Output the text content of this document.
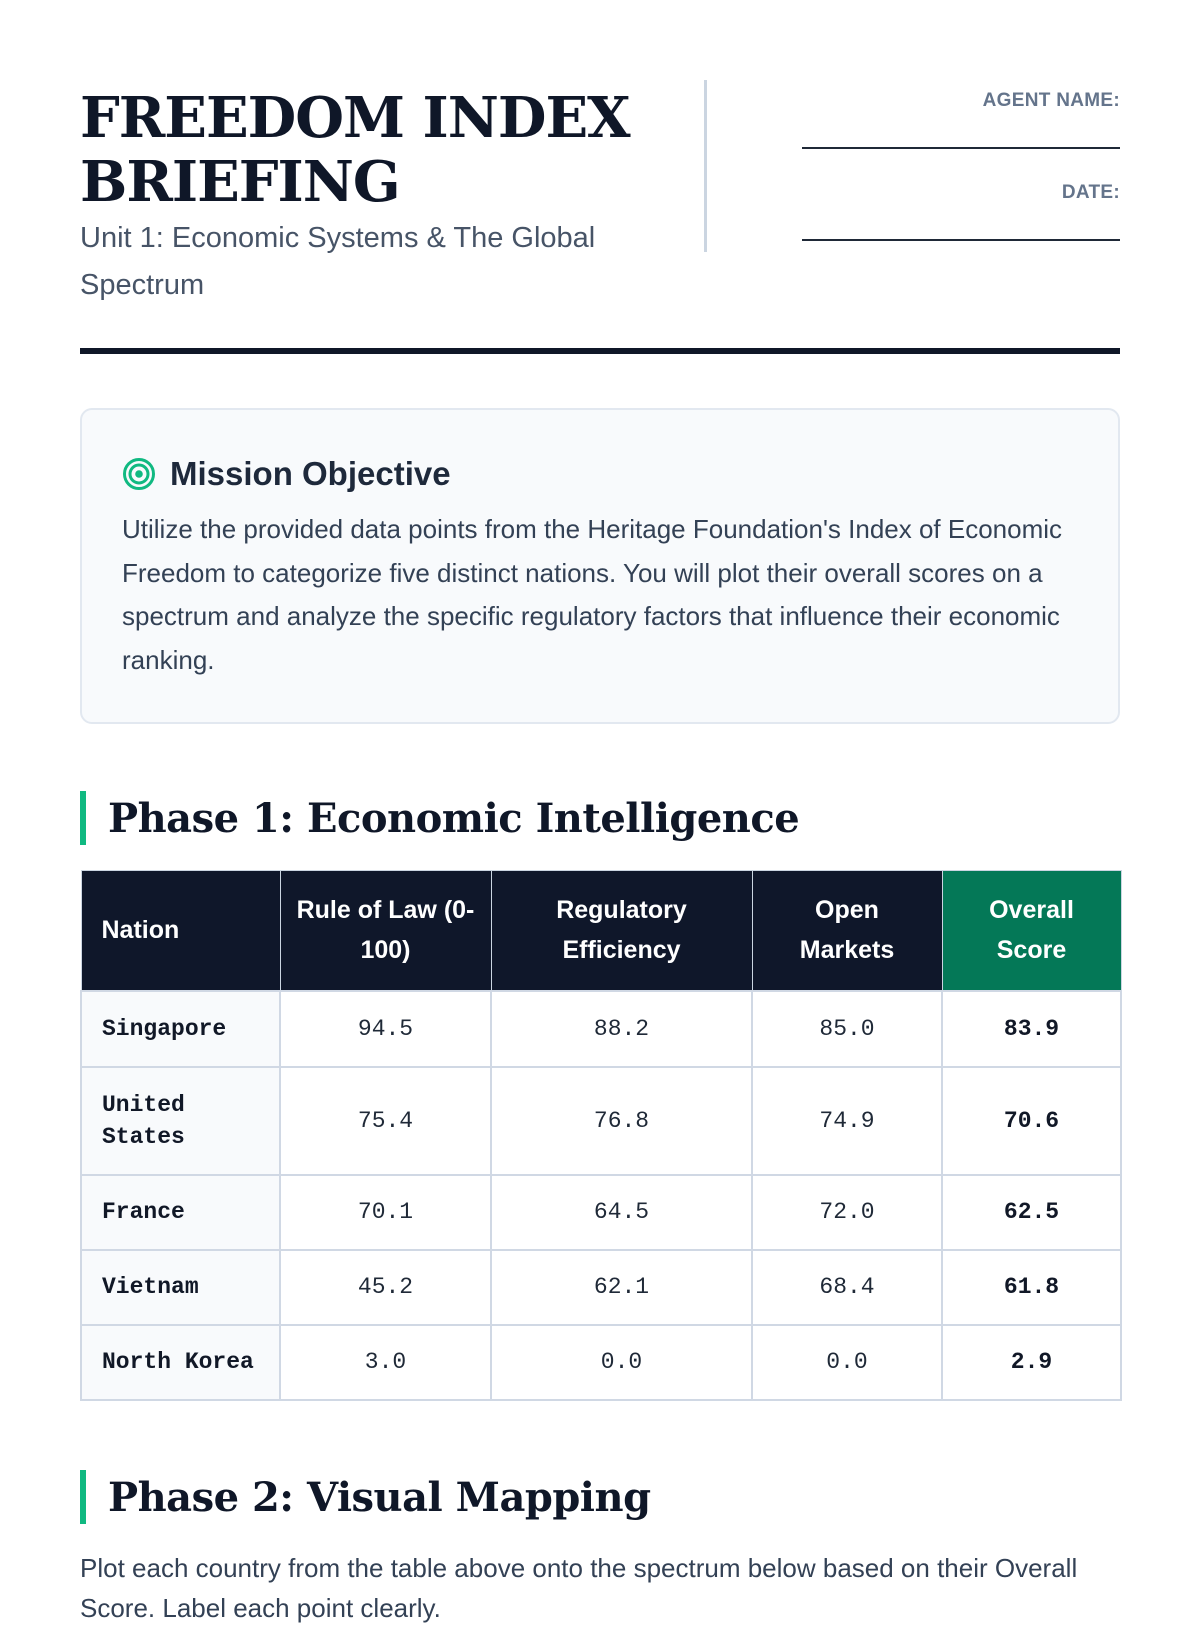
FREEDOM INDEX BRIEFING

Unit 1: Economic Systems & The Global Spectrum

AGENT NAME:
DATE:
Mission Objective

Utilize the provided data points from the Heritage Foundation's Index of Economic Freedom to categorize five distinct nations. You will plot their overall scores on a spectrum and analyze the specific regulatory factors that influence their economic ranking.

Phase 1: Economic Intelligence
Nation	Rule of Law (0-100)	Regulatory Efficiency	Open Markets	Overall Score
Singapore	94.5	88.2	85.0	83.9
United States	75.4	76.8	74.9	70.6
France	70.1	64.5	72.0	62.5
Vietnam	45.2	62.1	68.4	61.8
North Korea	3.0	0.0	0.0	2.9
Phase 2: Visual Mapping

Plot each country from the table above onto the spectrum below based on their Overall Score. Label each point clearly.
